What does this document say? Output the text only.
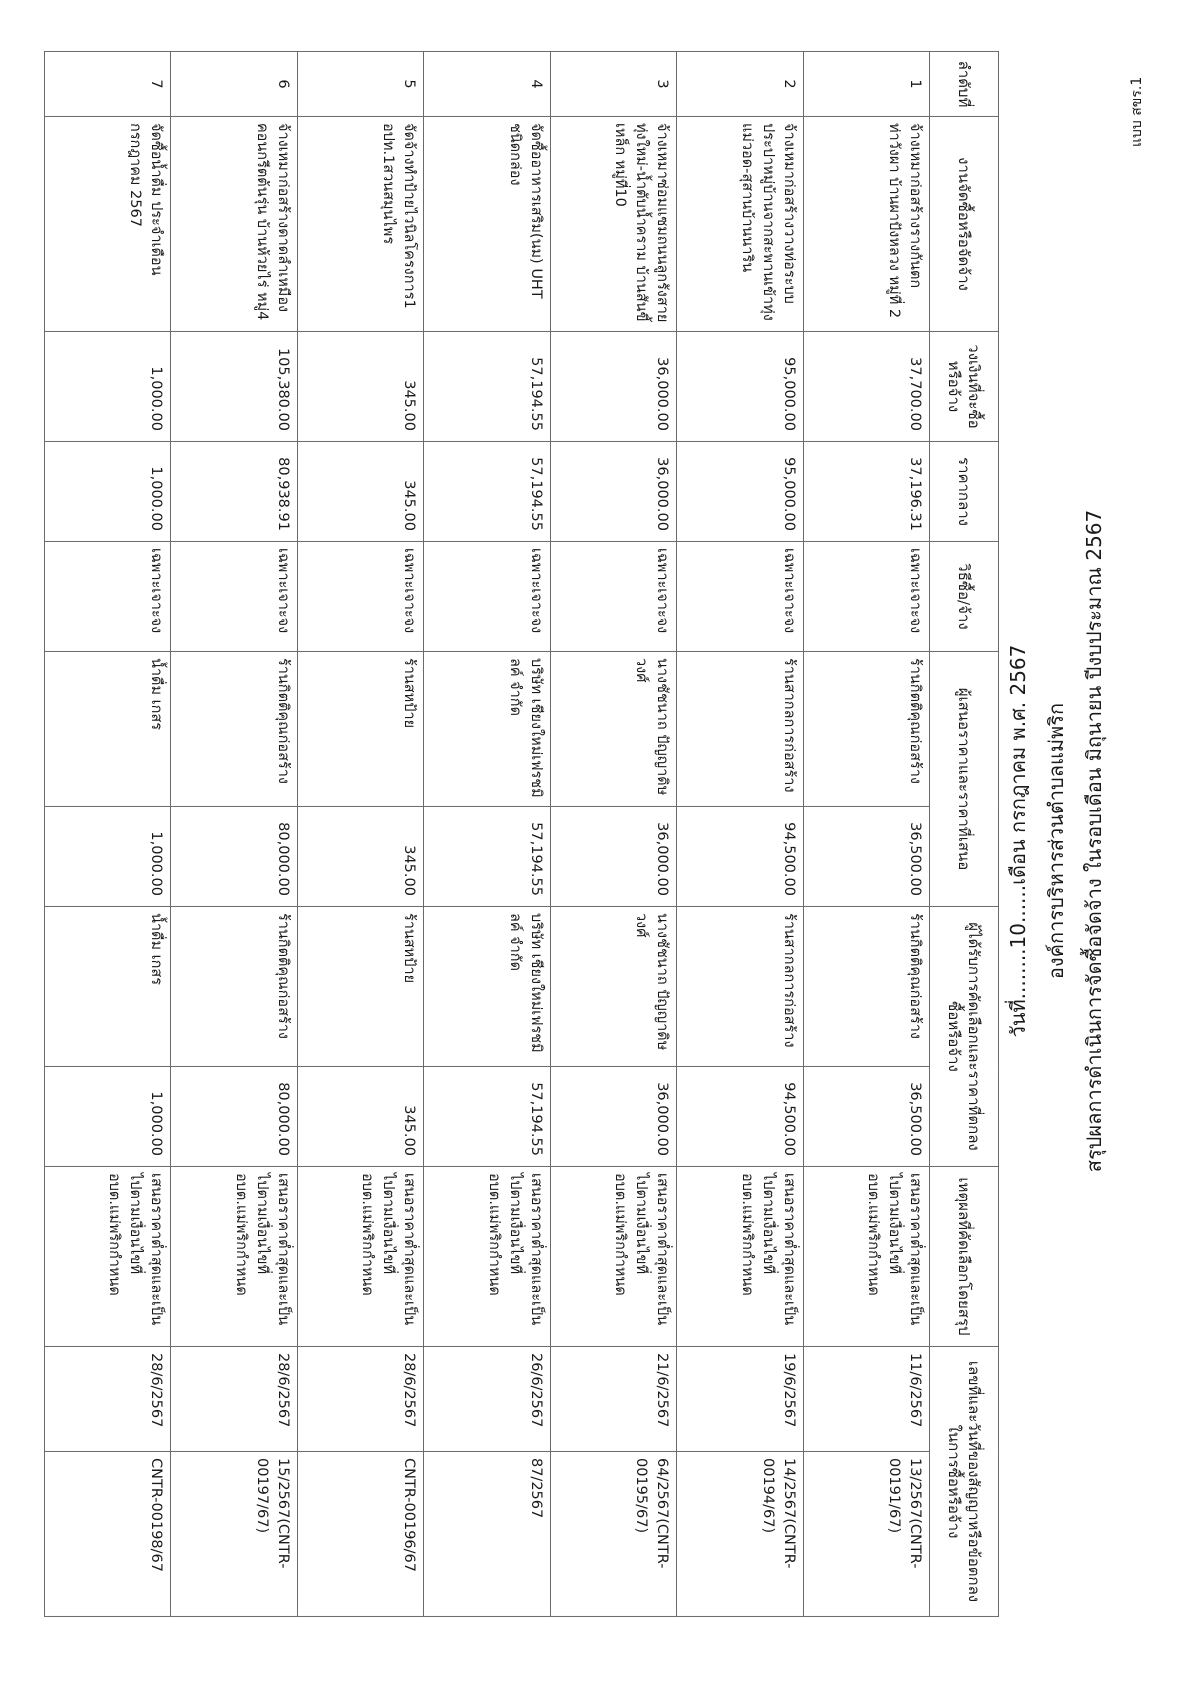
แบบ สขร.1
สรุปผลการดำเนินการจัดซื้อจัดจ้าง ในรอบเดือน มิถุนายน ปีงบประมาณ 2567
องค์การบริหารส่วนตำบลแม่พริก
วันที่........10......เดือน กรกฎาคม พ.ศ. 2567
ลำดับที่	งานจัดซื้อหรือจัดจ้าง	วงเงินที่จะซื้อหรือจ้าง	ราคากลาง	วิธีซื้อ/จ้าง	ผู้เสนอราคาและราคาที่เสนอ		ผู้ได้รับการคัดเลือกและราคาที่ตกลงซื้อหรือจ้าง		เหตุผลที่คัดเลือกโดยสรุป	เลขที่และวันที่ของสัญญาหรือข้อตกลงในการซื้อหรือจ้าง	
1	จ้างเหมาก่อสร้างรางกันตกท่าวังผา บ้านผาปังหลวง หมู่ที่ 2	37,700.00	37,196.31	เฉพาะเจาะจง	ร้านกิตติคุณก่อสร้าง	36,500.00	ร้านกิตติคุณก่อสร้าง	36,500.00	เสนอราคาต่ำสุดและเป็นไปตามเงื่อนไขที่ อบต.แม่พริกกำหนด	11/6/2567	13/2567(CNTR-00191/67)
2	จ้างเหมาก่อสร้างวางท่อระบบประปาหมู่บ้านจากสะพานเข้าทุ่งแม่วอด-สุสานบ้านนาริน	95,000.00	95,000.00	เฉพาะเจาะจง	ร้านสากลการก่อสร้าง	94,500.00	ร้านสากลการก่อสร้าง	94,500.00	เสนอราคาต่ำสุดและเป็นไปตามเงื่อนไขที่ อบต.แม่พริกกำหนด	19/6/2567	14/2567(CNTR-00194/67)
3	จ้างเหมาซ่อมแซมถนนลูกรังสายทุ่งใหม่-น้ำตับน้ำคราม บ้านสันขี้เหล็ก หมู่ที่10	36,000.00	36,000.00	เฉพาะเจาะจง	นางชัชนาถ ปัญญาดิษวงศ์	36,000.00	นางชัชนาถ ปัญญาดิษวงศ์	36,000.00	เสนอราคาต่ำสุดและเป็นไปตามเงื่อนไขที่ อบต.แม่พริกกำหนด	21/6/2567	64/2567(CNTR-00195/67)
4	จัดซื้ออาหารเสริม(นม) UHT ชนิดกล่อง	57,194.55	57,194.55	เฉพาะเจาะจง	บริษัท เชียงใหม่เฟรชมิลค์ จำกัด	57,194.55	บริษัท เชียงใหม่เฟรชมิลค์ จำกัด	57,194.55	เสนอราคาต่ำสุดและเป็นไปตามเงื่อนไขที่ อบต.แม่พริกกำหนด	26/6/2567	87/2567
5	จัดจ้างทำป้ายไวนิลโครงการ1 อปท.1สวนสมุนไพร	345.00	345.00	เฉพาะเจาะจง	ร้านสหป้าย	345.00	ร้านสหป้าย	345.00	เสนอราคาต่ำสุดและเป็นไปตามเงื่อนไขที่ อบต.แม่พริกกำหนด	28/6/2567	CNTR-00196/67
6	จ้างเหมาก่อสร้างดาดลำเหมืองคอนกรีตต้นรุ่น บ้านห้วยไร่ หมู่4	105,380.00	80,938.91	เฉพาะเจาะจง	ร้านกิตติคุณก่อสร้าง	80,000.00	ร้านกิตติคุณก่อสร้าง	80,000.00	เสนอราคาต่ำสุดและเป็นไปตามเงื่อนไขที่ อบต.แม่พริกกำหนด	28/6/2567	15/2567(CNTR-00197/67)
7	จัดซื้อน้ำดื่ม ประจำเดือนกรกฎาคม 2567	1,000.00	1,000.00	เฉพาะเจาะจง	น้ำดื่ม เกสร	1,000.00	น้ำดื่ม เกสร	1,000.00	เสนอราคาต่ำสุดและเป็นไปตามเงื่อนไขที่ อบต.แม่พริกกำหนด	28/6/2567	CNTR-00198/67
